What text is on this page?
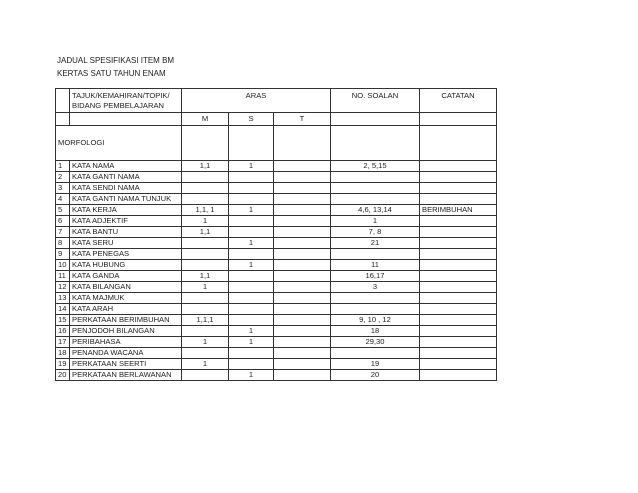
JADUAL SPESIFIKASI ITEM BM
KERTAS SATU TAHUN ENAM
	TAJUK/KEMAHIRAN/TOPIK/ BIDANG PEMBELAJARAN	ARAS			NO. SOALAN	CATATAN
		M	S	T		
MORFOLOGI						
1	KATA NAMA	1,1	1		2, 5,15	
2	KATA GANTI NAMA					
3	KATA SENDI NAMA					
4	KATA GANTI NAMA TUNJUK					
5	KATA KERJA	1,1, 1	1		4,6, 13,14	BERIMBUHAN
6	KATA ADJEKTIF	1			1	
7	KATA BANTU	1,1			7, 8	
8	KATA SERU		1		21	
9	KATA PENEGAS					
10	KATA HUBUNG		1		11	
11	KATA GANDA	1,1			16,17	
12	KATA BILANGAN	1			3	
13	KATA MAJMUK					
14	KATA ARAH					
15	PERKATAAN BERIMBUHAN	1,1,1			9, 10 , 12	
16	PENJODOH BILANGAN		1		18	
17	PERIBAHASA	1	1		29,30	
18	PENANDA WACANA					
19	PERKATAAN SEERTI	1			19	
20	PERKATAAN BERLAWANAN		1		20	
